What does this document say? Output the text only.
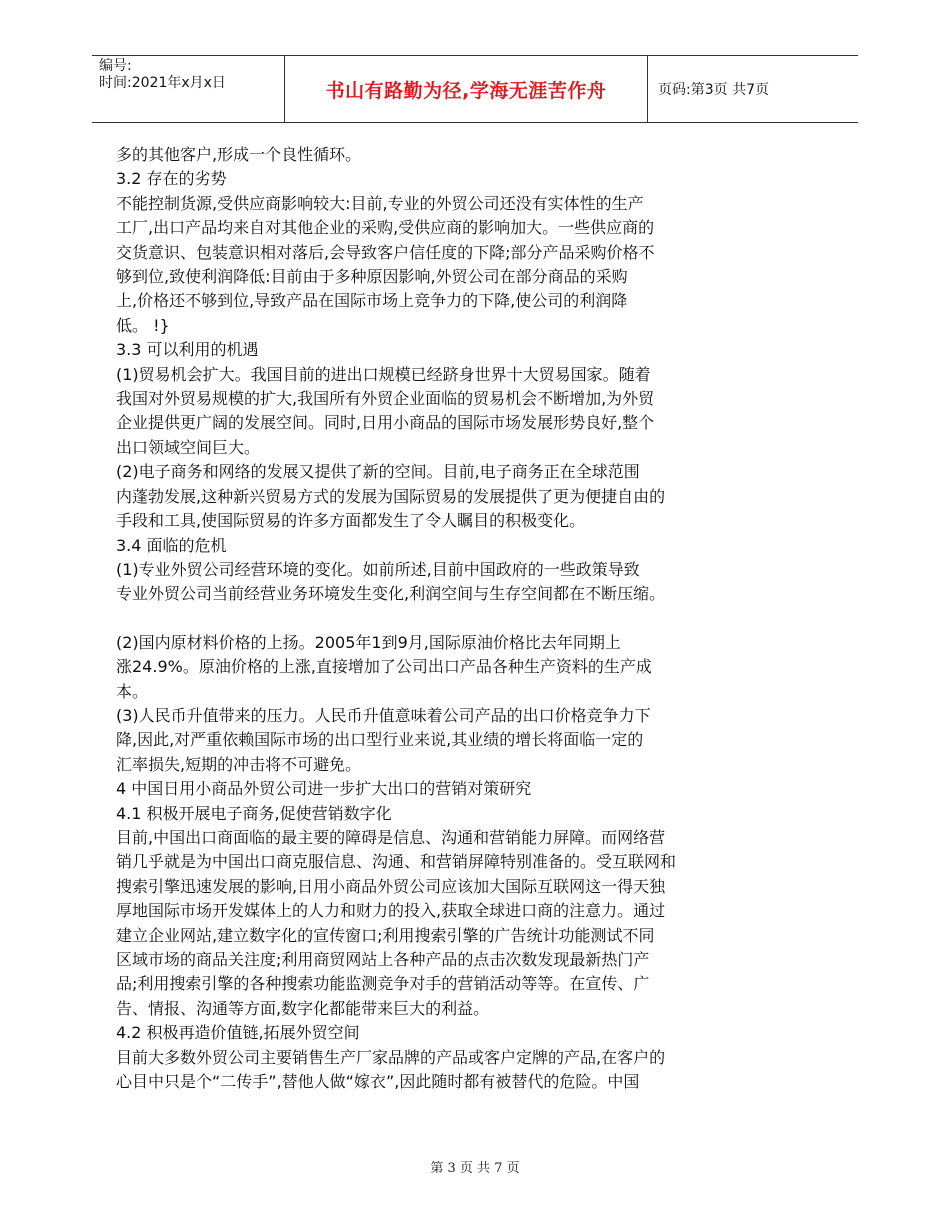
编号:
时间:2021年x月x日	书山有路勤为径,学海无涯苦作舟	页码:第3页 共7页

多的其他客户,形成一个良性循环。

3.2 存在的劣势

不能控制货源,受供应商影响较大:目前,专业的外贸公司还没有实体性的生产

工厂,出口产品均来自对其他企业的采购,受供应商的影响加大。一些供应商的

交货意识、包装意识相对落后,会导致客户信任度的下降;部分产品采购价格不

够到位,致使利润降低:目前由于多种原因影响,外贸公司在部分商品的采购

上,价格还不够到位,导致产品在国际市场上竞争力的下降,使公司的利润降

低。 !}

3.3 可以利用的机遇

(1)贸易机会扩大。我国目前的进出口规模已经跻身世界十大贸易国家。随着

我国对外贸易规模的扩大,我国所有外贸企业面临的贸易机会不断增加,为外贸

企业提供更广阔的发展空间。同时,日用小商品的国际市场发展形势良好,整个

出口领域空间巨大。

(2)电子商务和网络的发展又提供了新的空间。目前,电子商务正在全球范围

内蓬勃发展,这种新兴贸易方式的发展为国际贸易的发展提供了更为便捷自由的

手段和工具,使国际贸易的许多方面都发生了令人瞩目的积极变化。

3.4 面临的危机

(1)专业外贸公司经营环境的变化。如前所述,目前中国政府的一些政策导致

专业外贸公司当前经营业务环境发生变化,利润空间与生存空间都在不断压缩。

(2)国内原材料价格的上扬。2005年1到9月,国际原油价格比去年同期上

涨24.9%。原油价格的上涨,直接增加了公司出口产品各种生产资料的生产成

本。

(3)人民币升值带来的压力。人民币升值意味着公司产品的出口价格竞争力下

降,因此,对严重依赖国际市场的出口型行业来说,其业绩的增长将面临一定的

汇率损失,短期的冲击将不可避免。

4 中国日用小商品外贸公司进一步扩大出口的营销对策研究

4.1 积极开展电子商务,促使营销数字化

目前,中国出口商面临的最主要的障碍是信息、沟通和营销能力屏障。而网络营

销几乎就是为中国出口商克服信息、沟通、和营销屏障特别准备的。受互联网和

搜索引擎迅速发展的影响,日用小商品外贸公司应该加大国际互联网这一得天独

厚地国际市场开发媒体上的人力和财力的投入,获取全球进口商的注意力。通过

建立企业网站,建立数字化的宣传窗口;利用搜索引擎的广告统计功能测试不同

区域市场的商品关注度;利用商贸网站上各种产品的点击次数发现最新热门产

品;利用搜索引擎的各种搜索功能监测竞争对手的营销活动等等。在宣传、广

告、情报、沟通等方面,数字化都能带来巨大的利益。

4.2 积极再造价值链,拓展外贸空间

目前大多数外贸公司主要销售生产厂家品牌的产品或客户定牌的产品,在客户的

心目中只是个“二传手”,替他人做“嫁衣”,因此随时都有被替代的危险。中国

第 3 页 共 7 页
